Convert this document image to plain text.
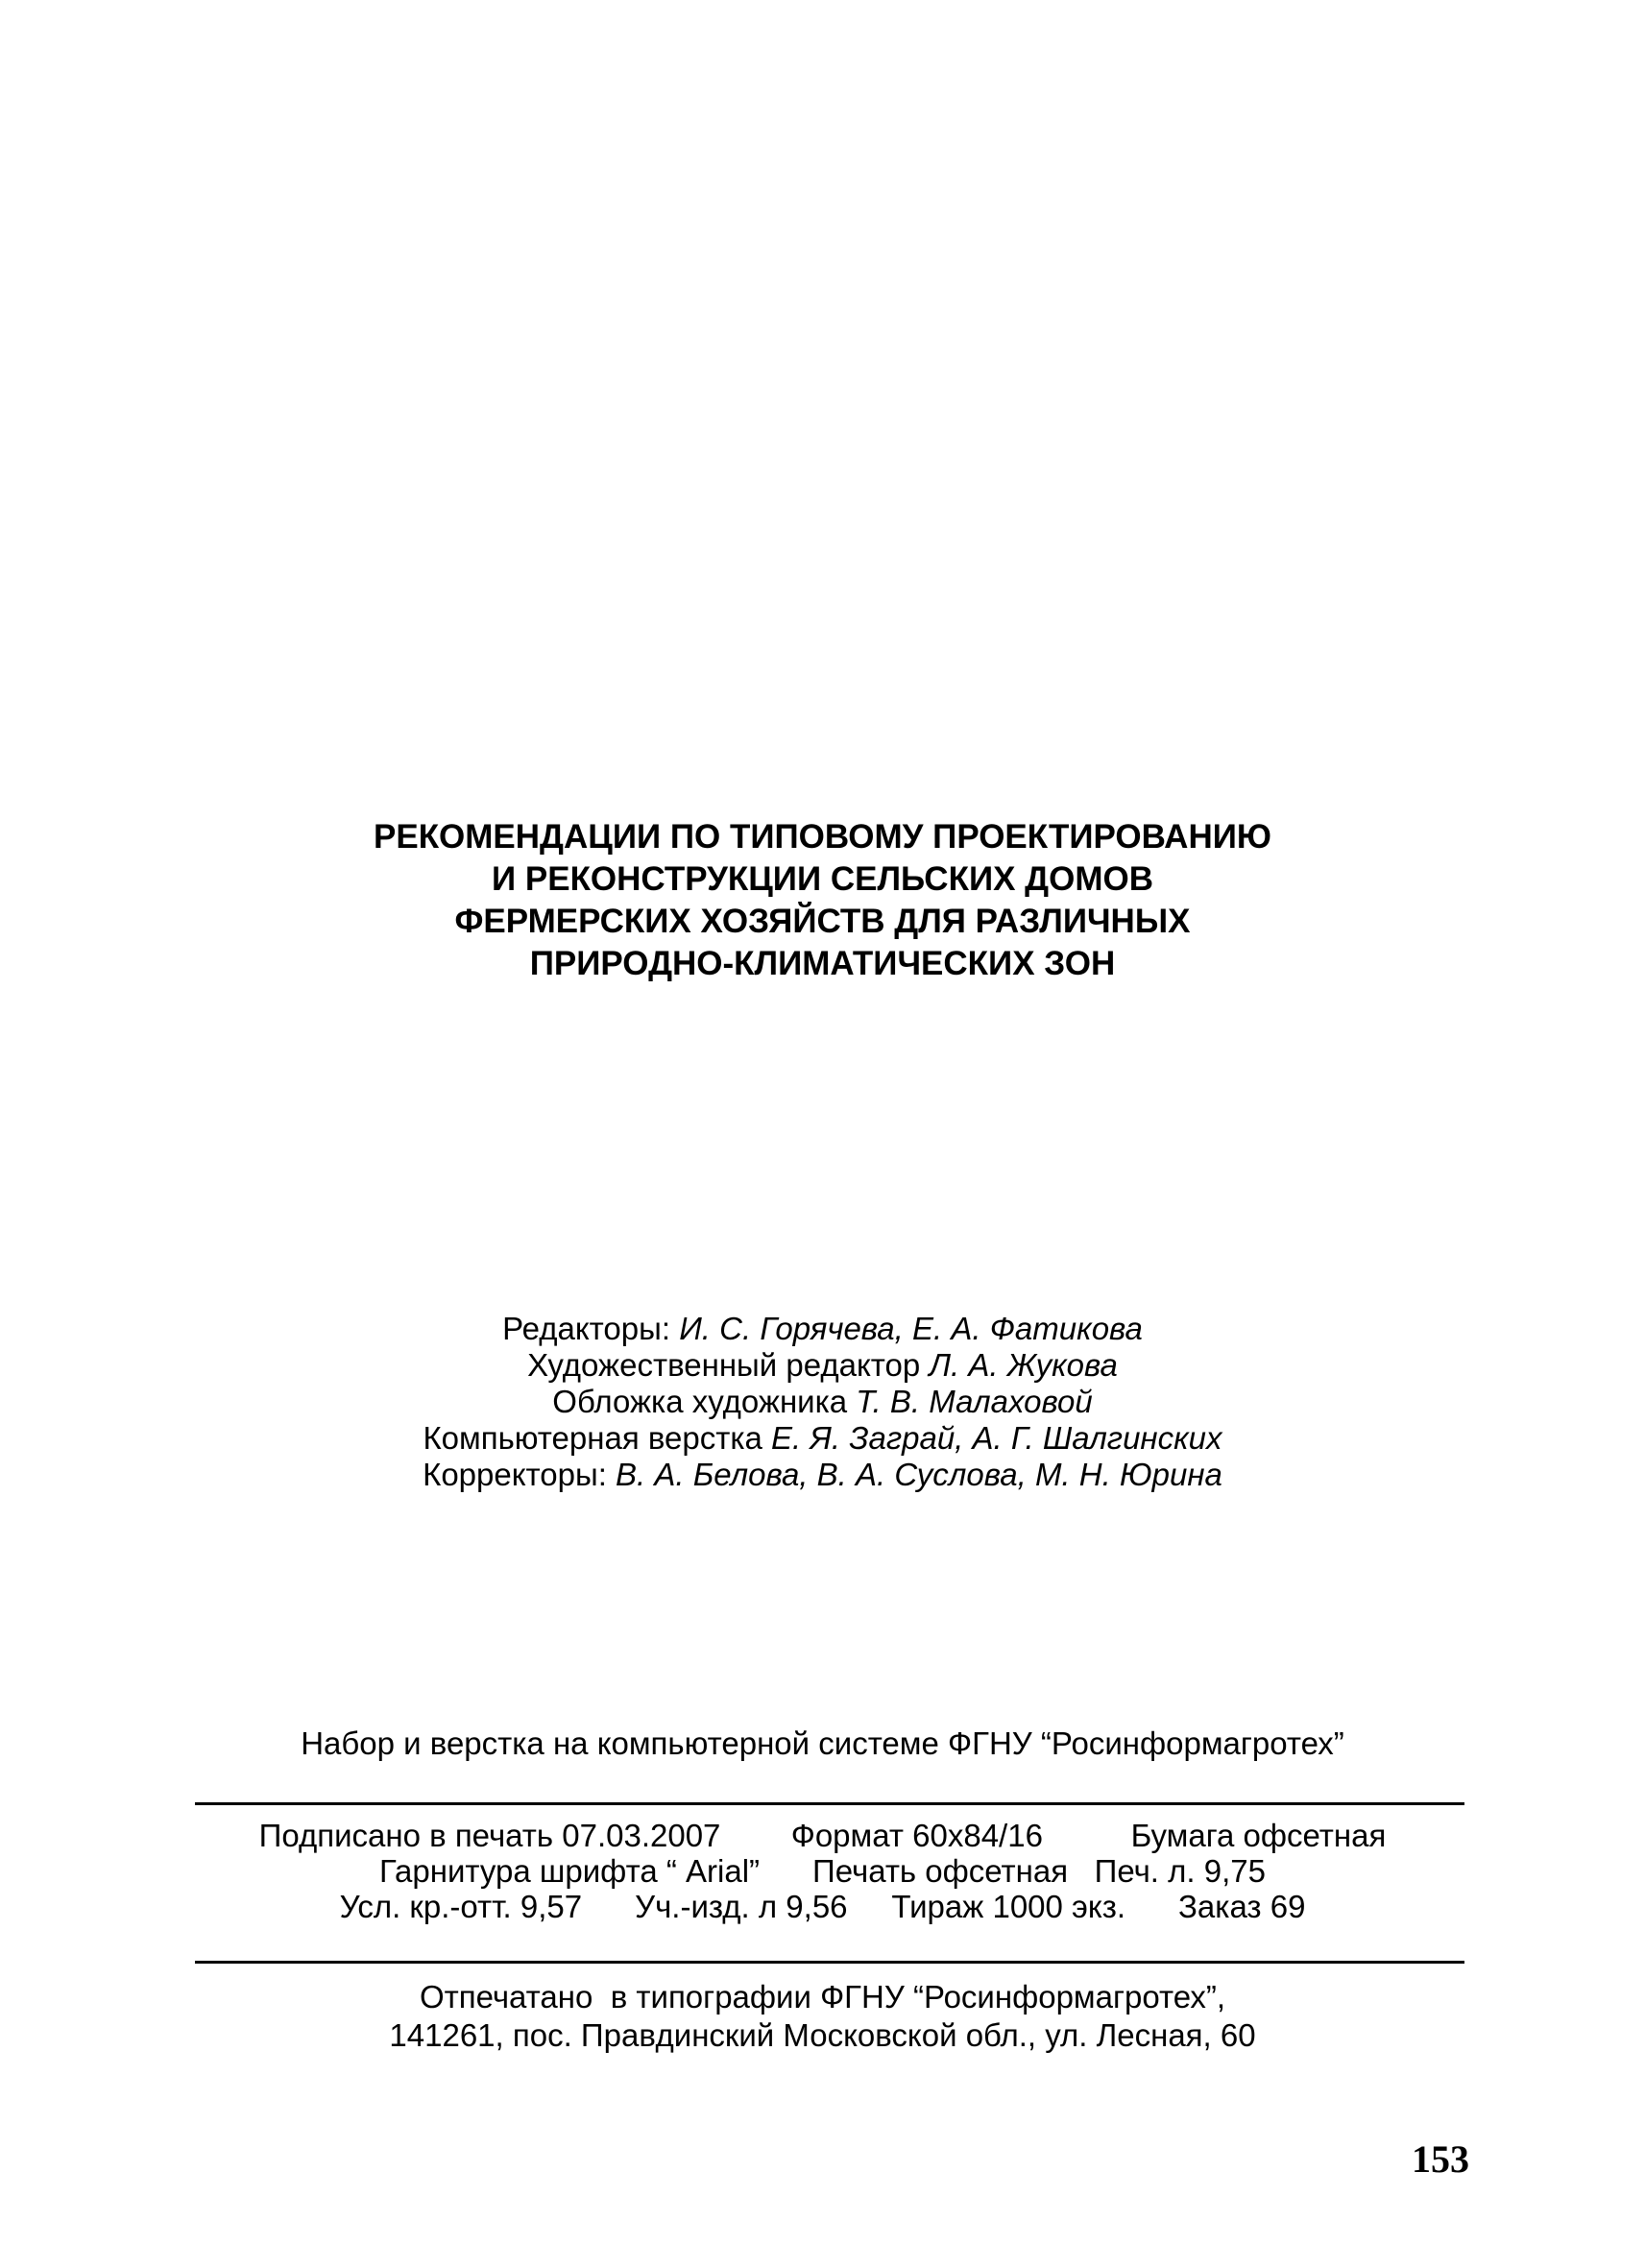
РЕКОМЕНДАЦИИ ПО ТИПОВОМУ ПРОЕКТИРОВАНИЮ
И РЕКОНСТРУКЦИИ СЕЛЬСКИХ ДОМОВ
ФЕРМЕРСКИХ ХОЗЯЙСТВ ДЛЯ РАЗЛИЧНЫХ
ПРИРОДНО-КЛИМАТИЧЕСКИХ ЗОН
Редакторы: И. С. Горячева, Е. А. Фатикова
Художественный редактор Л. А. Жукова
Обложка художника Т. В. Малаховой
Компьютерная верстка Е. Я. Заграй, А. Г. Шалгинских
Корректоры: В. А. Белова, В. А. Суслова, М. Н. Юрина
Набор и верстка на компьютерной системе ФГНУ “Росинформагротех”
Подписано в печать 07.03.2007        Формат 60x84/16          Бумага офсетная
Гарнитура шрифта “ Arial”      Печать офсетная   Печ. л. 9,75
Усл. кр.-отт. 9,57      Уч.-изд. л 9,56     Тираж 1000 экз.      Заказ 69
Отпечатано  в типографии ФГНУ “Росинформагротех”,
141261, пос. Правдинский Московской обл., ул. Лесная, 60
153
